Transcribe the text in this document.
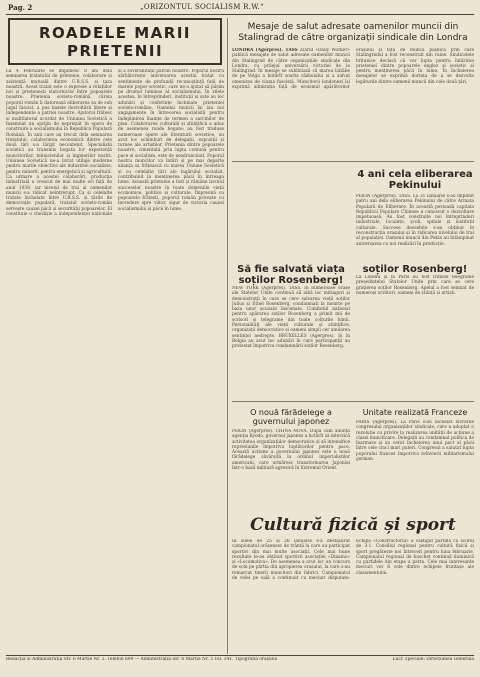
Pag. 2	„ORIZONTUL SOCIALISM R.W.“
ROADELE MARII PRIETENII
La 4 Februarie se împlinesc 8 ani dela semnarea tratatului de prietenie, colaborare și asistență mutuală dintre U.R.S.S. și țara noastră. Acest tratat este o expresie a relațiilor noi și prietenești statornicite între popoarele noastre. Prietenia sovieto-română, căreia poporul român îi datorează eliberarea sa de sub jugul fascist, a pus bazele dezvoltării libere și independente a patriei noastre. Ajutorul frățesc și multilateral acordat de Uniunea Sovietică a însemnat un sprijin de nepreţuit în opera de construire a socialismului în Republica Populară Română. În anii care au trecut dela semnarea tratatului, colaborarea economică dintre cele două țări s-a lărgit necontenit. Specialiștii sovietici au transmis bogata lor experiență muncitorilor, tehnicienilor și inginerilor noștri. Uniunea Sovietică ne-a livrat utilaje moderne pentru marile obiective ale industriei socialiste, pentru minerit, pentru energetică și agricultură. Ca urmare a acestei colaborări, producția industrială a crescut de mai multe ori față de anul 1938, iar nivelul de trai al oamenilor muncii s-a ridicat neîntrerupt. Ca și celelalte tratate încheiate între U.R.S.S. și țările de democrație populară, tratatul sovieto-român servește cauzei păcii și securității popoarelor. El constituie o chezășie a independenței naționale și a suveranității patriei noastre. Poporul nostru sărbătorește aniversarea acestui tratat cu sentimente de profundă recunoștință față de marele popor sovietic, care ne-a ajutat să pășim pe drumul luminos al socialismului. În zilele acestea, în întreprinderi, instituții și sate au loc adunări și conferințe închinate prieteniei sovieto-române. Oamenii muncii își iau noi angajamente în întrecerea socialistă pentru îndeplinirea înainte de termen a sarcinilor de plan. Colaborarea culturală și științifică a adus de asemenea roade bogate: au fost traduse numeroase opere ale literaturii sovietice, au avut loc schimburi de delegații, expoziții și turnee ale artiștilor. Prietenia dintre popoarele noastre, cimentată prin lupta comună pentru pace și socialism, este de nezdruncinat. Poporul nostru muncitor va întări și pe mai departe alianța sa frățească cu marea Uniune Sovietică și cu celelalte țări ale lagărului socialist, contribuind la menținerea păcii în întreaga lume. Această prietenie a fost și rămâne izvorul succeselor noastre în toate domeniile vieții economice, politice și culturale. Împreună cu popoarele frățești, poporul român privește cu încredere spre viitor, sigur de victoria cauzei socialismului și păcii în lume.
Mesaje de salut adresate oamenilor muncii din Stalingrad de către organizații sindicale din Londra
LONDRA (Agerpres). TASS Ziarul «Daily Worker» publică mesajele de salut adresate oamenilor muncii din Stalingrad de către organizațiile sindicale din Londra, cu prilejul aniversării victoriei de la Stalingrad. În mesaje se subliniază că marea bătălie de pe Volga a hotărît soarta războiului și a salvat omenirea de ciuma fascistă. Muncitorii londonezi își exprimă admirația față de eroismul apărătorilor orașului și față de munca pașnică prin care Stalingradul a fost reconstruit din ruine. Sindicatele britanice declară că vor lupta pentru întărirea prieteniei dintre popoarele englez și sovietic și pentru menținerea păcii în lume. În încheierea mesajelor se exprimă dorința de a se dezvolta legăturile dintre oamenii muncii din cele două țări.
4 ani cela eliberarea Pekinului
PEKIN (Agerpres). TASS. La 31 ianuarie s-au împlinit patru ani dela eliberarea Pekinului de către Armata Populară de Eliberare. În această perioadă capitala Republicii Populare Chineze a cunoscut o dezvoltare impetuoasă. Au fost construite noi întreprinderi industriale, locuințe, școli, spitale și instituții culturale. Succese deosebite s-au obținut în reconstrucția orașului și în ridicarea nivelului de trai al populației. Oamenii muncii din Pekin au întâmpinat aniversarea cu noi realizări în producție.
Să fie salvată viața soților Rosenberg!
NEW YORK (Agerpres). TASS. În numeroase orașe ale Statelor Unite continuă să aibă loc mitinguri și demonstrații în care se cere salvarea vieții soților Julius și Ethel Rosenberg, condamnați la moarte pe baza unor acuzații înscenate. Comitetul național pentru apărarea soților Rosenberg a primit mii de scrisori și telegrame din toate colțurile lumii. Personalități ale vieții culturale și științifice, organizații democratice și oameni simpli cer anularea sentinței nedrepte. BRUXELLES (Agerpres). Și în Belgia au avut loc adunări în care participanții au protestat împotriva condamnării soților Rosenberg.
soților Rosenberg!
La Londra și la Paris au fost trimise telegrame președintelui Statelor Unite prin care se cere grațierea soților Rosenberg. Apelul a fost semnat de numeroși scriitori, oameni de știință și artiști.
O nouă fărădelege a guvernului japonez
PEKIN (Agerpres). CHINA NOVA. După cum anunță agenția Kyodo, guvernul japonez a hotărît să interzică activitatea organizațiilor democratice și să intensifice represiunile împotriva luptătorilor pentru pace. Această acțiune a guvernului japonez este o nouă fărădelege săvârșită la ordinul imperialiștilor americani, care urmăresc transformarea Japoniei într-o bază militară agresivă în Extremul Orient.
Unitate realizată Franceze
PARIS (Agerpres). La Paris s-au încheiat lucrările congresului organizațiilor sindicale, care a adoptat o rezoluție cu privire la realizarea unității de acțiune a clasei muncitoare. Delegații au condamnat politica de înarmare și au cerut încheierea unui pact al păcii între cele cinci mari puteri. Congresul a salutat lupta poporului francez împotriva reînvierii militarismului german.
Cultură fizică și sport
În zilele de 25 și 26 ianuarie s-a desfășurat campionatul orășenesc de trântă la care au participat sportivi din mai multe asociații. Cele mai bune rezultate le-au obținut sportivii asociației «Dinamo» și «Locomotiva». De asemenea a avut loc un concurs de schi pe pârtia din apropierea orașului, la care s-au remarcat tinerii muncitori din fabrici. Campionatul de volei pe sală a continuat cu meciuri disputate. Echipa «Constructorul» a câștigat partida cu scorul de 3-1. Consiliul regional pentru cultură fizică și sport pregătește noi întreceri pentru luna februarie. Campionatul regional de baschet continuă duminică cu partidele din etapa a patra. Cele mai interesante meciuri vor fi cele dintre echipele fruntașe ale clasamentului.
Redacția și Administrația Str. 6 Martie Nr. 2. Telefon 699 — Administrația Str. 6 Martie Nr. 5 Tel. 341. Tipografia orașului	Lucr. speciale: Direcțiunea Generală
